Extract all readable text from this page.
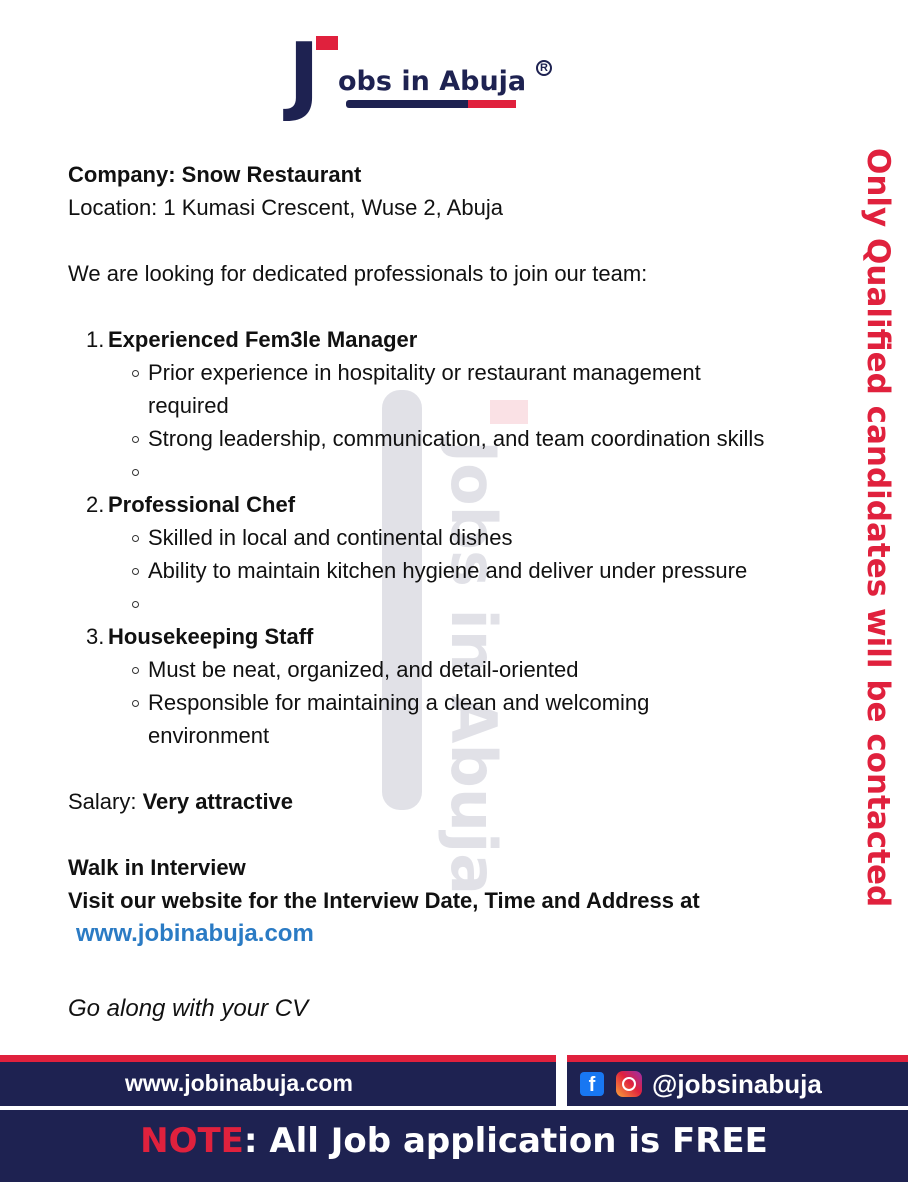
J obs in Abuja	R
Jobs in Abuja	Only Qualified candidates will be contacted
Company: Snow Restaurant
Location: 1 Kumasi Crescent, Wuse 2, Abuja
We are looking for dedicated professionals to join our team:
1. Experienced Fem3le Manager
Prior experience in hospitality or restaurant management
required
Strong leadership, communication, and team coordination skills
2. Professional Chef
Skilled in local and continental dishes
Ability to maintain kitchen hygiene and deliver under pressure
3. Housekeeping Staff
Must be neat, organized, and detail-oriented
Responsible for maintaining a clean and welcoming
environment
Salary: Very attractive
Walk in Interview
Visit our website for the Interview Date, Time and Address at
www.jobinabuja.com
Go along with your CV
www.jobinabuja.com	f	@jobsinabuja
NOTE: All Job application is FREE
